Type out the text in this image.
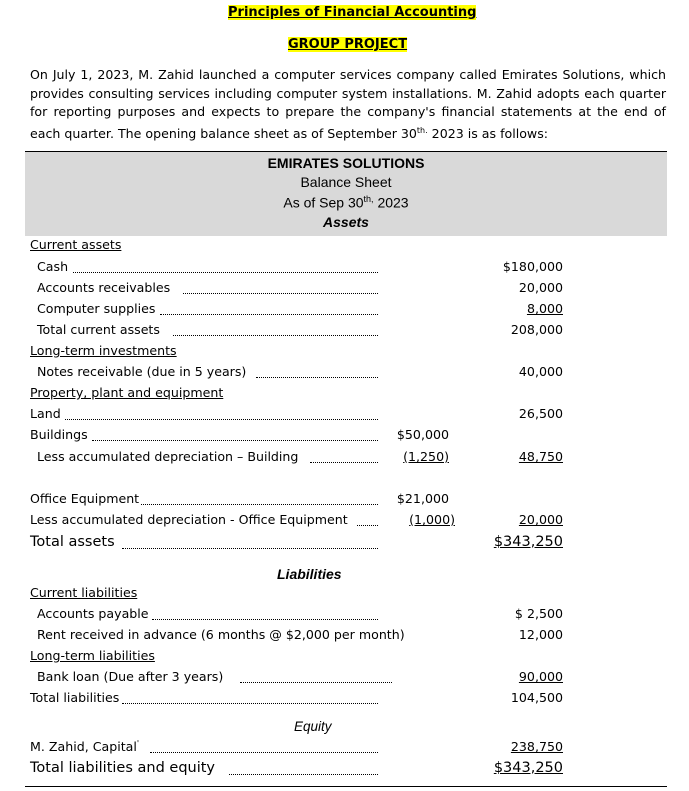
Principles of Financial Accounting
GROUP PROJECT
On July 1, 2023, M. Zahid launched a computer services company called Emirates Solutions, which provides consulting services including computer system installations. M. Zahid adopts each quarter for reporting purposes and expects to prepare the company's financial statements at the end of each quarter. The opening balance sheet as of September $30^{th.}$ 2023 is as follows:
EMIRATES SOLUTIONS
Balance Sheet
As of Sep $30^{th,}$ 2023
Assets
Current assets
Cash	$180,000
Accounts receivables	20,000
Computer supplies	8,000
Total current assets	208,000
Long-term investments
Notes receivable (due in 5 years)	40,000
Property, plant and equipment
Land	26,500
Buildings	$50,000
Less accumulated depreciation – Building	(1,250)	48,750
Office Equipment	$21,000
Less accumulated depreciation - Office Equipment	(1,000)	20,000
Total assets	$343,250
Liabilities
Current liabilities
Accounts payable	$ 2,500
Rent received in advance (6 months @ $2,000 per month)	12,000
Long-term liabilities
Bank loan (Due after 3 years)	90,000
Total liabilities	104,500
Equity
M. Zahid, Capital'	238,750
Total liabilities and equity	$343,250
